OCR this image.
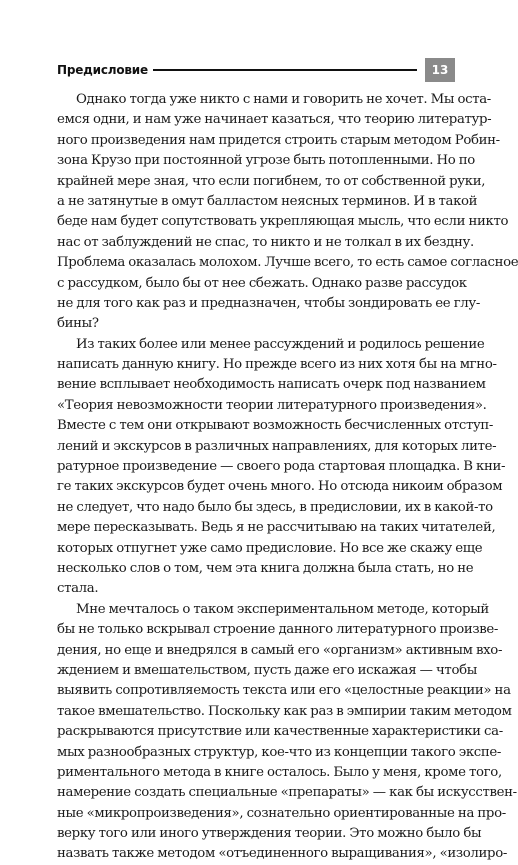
Предисловие	13
Однако тогда уже никто с нами и говорить не хочет. Мы оста-
емся одни, и нам уже начинает казаться, что теорию литератур-
ного произведения нам придется строить старым методом Робин-
зона Крузо при постоянной угрозе быть потопленными. Но по
крайней мере зная, что если погибнем, то от собственной руки,
а не затянутые в омут балластом неясных терминов. И в такой
беде нам будет сопутствовать укрепляющая мысль, что если никто
нас от заблуждений не спас, то никто и не толкал в их бездну.
Проблема оказалась молохом. Лучше всего, то есть самое согласное
с рассудком, было бы от нее сбежать. Однако разве рассудок
не для того как раз и предназначен, чтобы зондировать ее глу-
бины?
Из таких более или менее рассуждений и родилось решение
написать данную книгу. Но прежде всего из них хотя бы на мгно-
вение всплывает необходимость написать очерк под названием
«Теория невозможности теории литературного произведения».
Вместе с тем они открывают возможность бесчисленных отступ-
лений и экскурсов в различных направлениях, для которых лите-
ратурное произведение — своего рода стартовая площадка. В кни-
ге таких экскурсов будет очень много. Но отсюда никоим образом
не следует, что надо было бы здесь, в предисловии, их в какой-то
мере пересказывать. Ведь я не рассчитываю на таких читателей,
которых отпугнет уже само предисловие. Но все же скажу еще
несколько слов о том, чем эта книга должна была стать, но не
стала.
Мне мечталось о таком экспериментальном методе, который
бы не только вскрывал строение данного литературного произве-
дения, но еще и внедрялся в самый его «организм» активным вхо-
ждением и вмешательством, пусть даже его искажая — чтобы
выявить сопротивляемость текста или его «целостные реакции» на
такое вмешательство. Поскольку как раз в эмпирии таким методом
раскрываются присутствие или качественные характеристики са-
мых разнообразных структур, кое-что из концепции такого экспе-
риментального метода в книге осталось. Было у меня, кроме того,
намерение создать специальные «препараты» — как бы искусствен-
ные «микропроизведения», сознательно ориентированные на про-
верку того или иного утверждения теории. Это можно было бы
назвать также методом «отъединенного выращивания», «изолиро-
